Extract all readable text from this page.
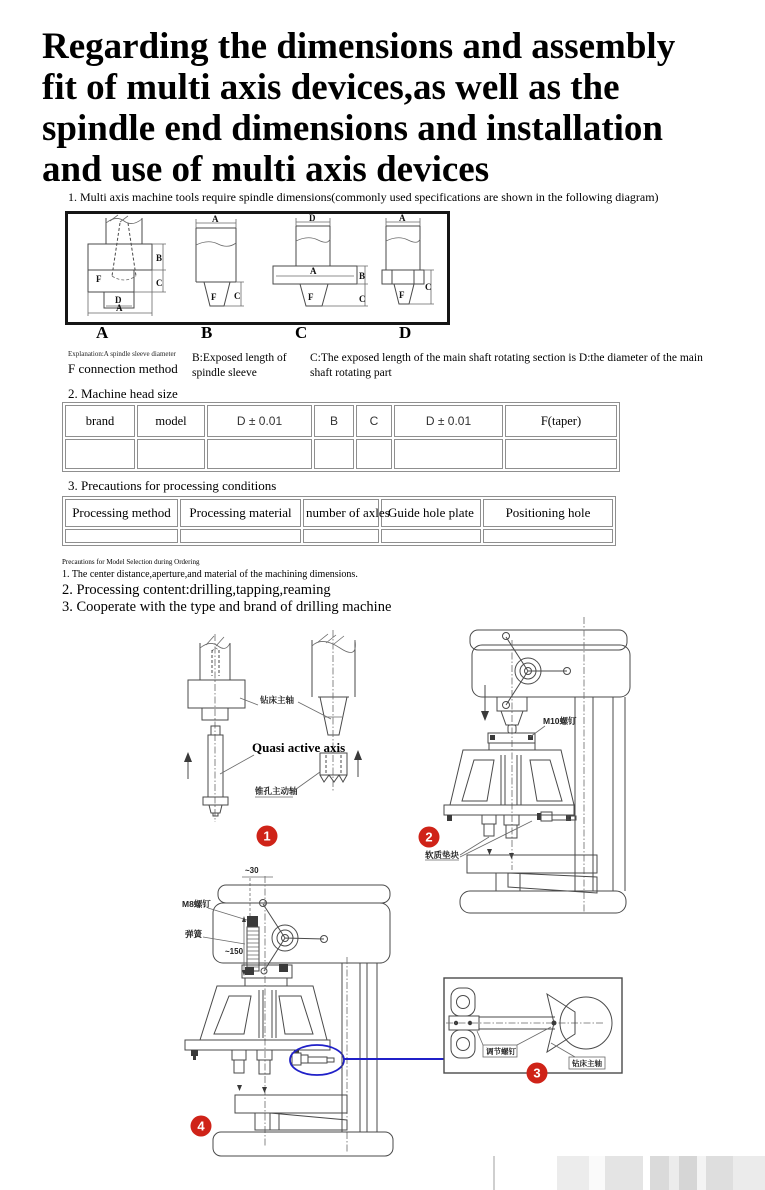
Regarding the dimensions and assembly
fit of multi axis devices,as well as the
spindle end dimensions and installation
and use of multi axis devices
1. Multi axis machine tools require spindle dimensions(commonly used specifications are shown in the following diagram)
B
C
F
D
A
A
F C
D
A	B
F	C
A
F
C
A	B	C	D
Explanation:A spindle sleeve diameter
F connection method
B:Exposed length of spindle sleeve
C:The exposed length of the main shaft rotating section is D:the diameter of the main shaft rotating part
2. Machine head size
brand	model	D ± 0.01	B	C	D ± 0.01	F(taper)

3. Precautions for processing conditions
Processing method	Processing material	number of axles	Guide hole plate	Positioning hole

Precautions for Model Selection during Ordering
1. The center distance,aperture,and material of the machining dimensions.
2. Processing content:drilling,tapping,reaming
3. Cooperate with the type and brand of drilling machine
钻床主轴
Quasi active axis
锥孔主动轴
1
M10螺钉
软质垫块
2
~30
M8螺钉
弹簧
~150
4
调节螺钉
钻床主轴
3
